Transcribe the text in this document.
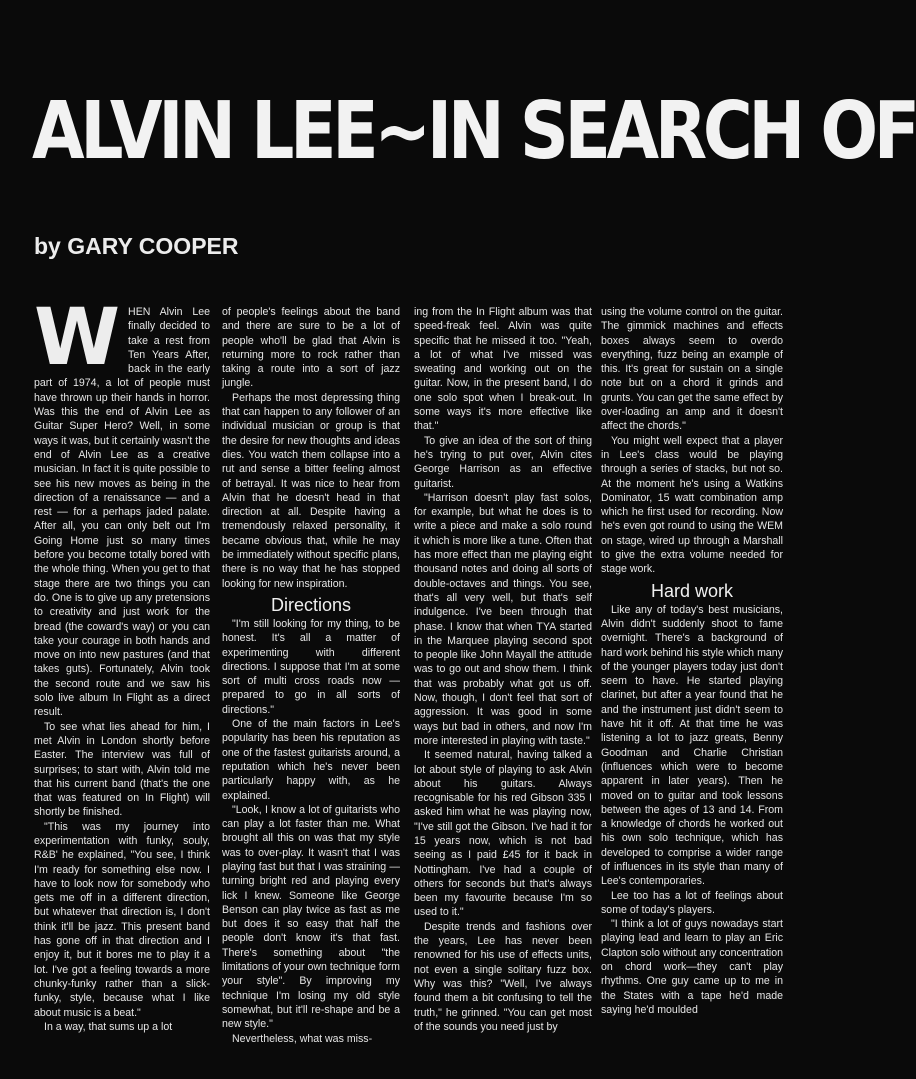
ALVIN LEE~IN SEARCH OF
by GARY COOPER
W HEN Alvin Lee finally decided to take a rest from Ten Years After, back in the early part of 1974, a lot of people must have thrown up their hands in horror. Was this the end of Alvin Lee as Guitar Super Hero? Well, in some ways it was, but it certainly wasn't the end of Alvin Lee as a creative musician. In fact it is quite possible to see his new moves as being in the direction of a renaissance — and a rest — for a perhaps jaded palate. After all, you can only belt out I'm Going Home just so many times before you become totally bored with the whole thing. When you get to that stage there are two things you can do. One is to give up any pretensions to creativity and just work for the bread (the coward's way) or you can take your courage in both hands and move on into new pastures (and that takes guts). Fortunately, Alvin took the second route and we saw his solo live album In Flight as a direct result.

To see what lies ahead for him, I met Alvin in London shortly before Easter. The interview was full of surprises; to start with, Alvin told me that his current band (that's the one that was featured on In Flight) will shortly be finished.

"This was my journey into experimentation with funky, souly, R&B' he explained, "You see, I think I'm ready for something else now. I have to look now for somebody who gets me off in a different direction, but whatever that direction is, I don't think it'll be jazz. This present band has gone off in that direction and I enjoy it, but it bores me to play it a lot. I've got a feeling towards a more chunky-funky rather than a slick-funky, style, because what I like about music is a beat."

In a way, that sums up a lot

of people's feelings about the band and there are sure to be a lot of people who'll be glad that Alvin is returning more to rock rather than taking a route into a sort of jazz jungle.

Perhaps the most depressing thing that can happen to any follower of an individual musician or group is that the desire for new thoughts and ideas dies. You watch them collapse into a rut and sense a bitter feeling almost of betrayal. It was nice to hear from Alvin that he doesn't head in that direction at all. Despite having a tremendously relaxed personality, it became obvious that, while he may be immediately without specific plans, there is no way that he has stopped looking for new inspiration.

Directions

"I'm still looking for my thing, to be honest. It's all a matter of experimenting with different directions. I suppose that I'm at some sort of multi cross roads now — prepared to go in all sorts of directions."

One of the main factors in Lee's popularity has been his reputation as one of the fastest guitarists around, a reputation which he's never been particularly happy with, as he explained.

"Look, I know a lot of guitarists who can play a lot faster than me. What brought all this on was that my style was to over-play. It wasn't that I was playing fast but that I was straining — turning bright red and playing every lick I knew. Someone like George Benson can play twice as fast as me but does it so easy that half the people don't know it's that fast. There's something about "the limitations of your own technique form your style". By improving my technique I'm losing my old style somewhat, but it'll re-shape and be a new style."

Nevertheless, what was miss-

ing from the In Flight album was that speed-freak feel. Alvin was quite specific that he missed it too. "Yeah, a lot of what I've missed was sweating and working out on the guitar. Now, in the present band, I do one solo spot when I break-out. In some ways it's more effective like that."

To give an idea of the sort of thing he's trying to put over, Alvin cites George Harrison as an effective guitarist.

"Harrison doesn't play fast solos, for example, but what he does is to write a piece and make a solo round it which is more like a tune. Often that has more effect than me playing eight thousand notes and doing all sorts of double-octaves and things. You see, that's all very well, but that's self indulgence. I've been through that phase. I know that when TYA started in the Marquee playing second spot to people like John Mayall the attitude was to go out and show them. I think that was probably what got us off. Now, though, I don't feel that sort of aggression. It was good in some ways but bad in others, and now I'm more interested in playing with taste."

It seemed natural, having talked a lot about style of playing to ask Alvin about his guitars. Always recognisable for his red Gibson 335 I asked him what he was playing now, "I've still got the Gibson. I've had it for 15 years now, which is not bad seeing as I paid £45 for it back in Nottingham. I've had a couple of others for seconds but that's always been my favourite because I'm so used to it."

Despite trends and fashions over the years, Lee has never been renowned for his use of effects units, not even a single solitary fuzz box. Why was this? "Well, I've always found them a bit confusing to tell the truth," he grinned. "You can get most of the sounds you need just by

using the volume control on the guitar. The gimmick machines and effects boxes always seem to overdo everything, fuzz being an example of this. It's great for sustain on a single note but on a chord it grinds and grunts. You can get the same effect by over-loading an amp and it doesn't affect the chords."

You might well expect that a player in Lee's class would be playing through a series of stacks, but not so. At the moment he's using a Watkins Dominator, 15 watt combination amp which he first used for recording. Now he's even got round to using the WEM on stage, wired up through a Marshall to give the extra volume needed for stage work.

Hard work

Like any of today's best musicians, Alvin didn't suddenly shoot to fame overnight. There's a background of hard work behind his style which many of the younger players today just don't seem to have. He started playing clarinet, but after a year found that he and the instrument just didn't seem to have hit it off. At that time he was listening a lot to jazz greats, Benny Goodman and Charlie Christian (influences which were to become apparent in later years). Then he moved on to guitar and took lessons between the ages of 13 and 14. From a knowledge of chords he worked out his own solo technique, which has developed to comprise a wider range of influences in its style than many of Lee's contemporaries.

Lee too has a lot of feelings about some of today's players.

"I think a lot of guys nowadays start playing lead and learn to play an Eric Clapton solo without any concentration on chord work—they can't play rhythms. One guy came up to me in the States with a tape he'd made saying he'd moulded
